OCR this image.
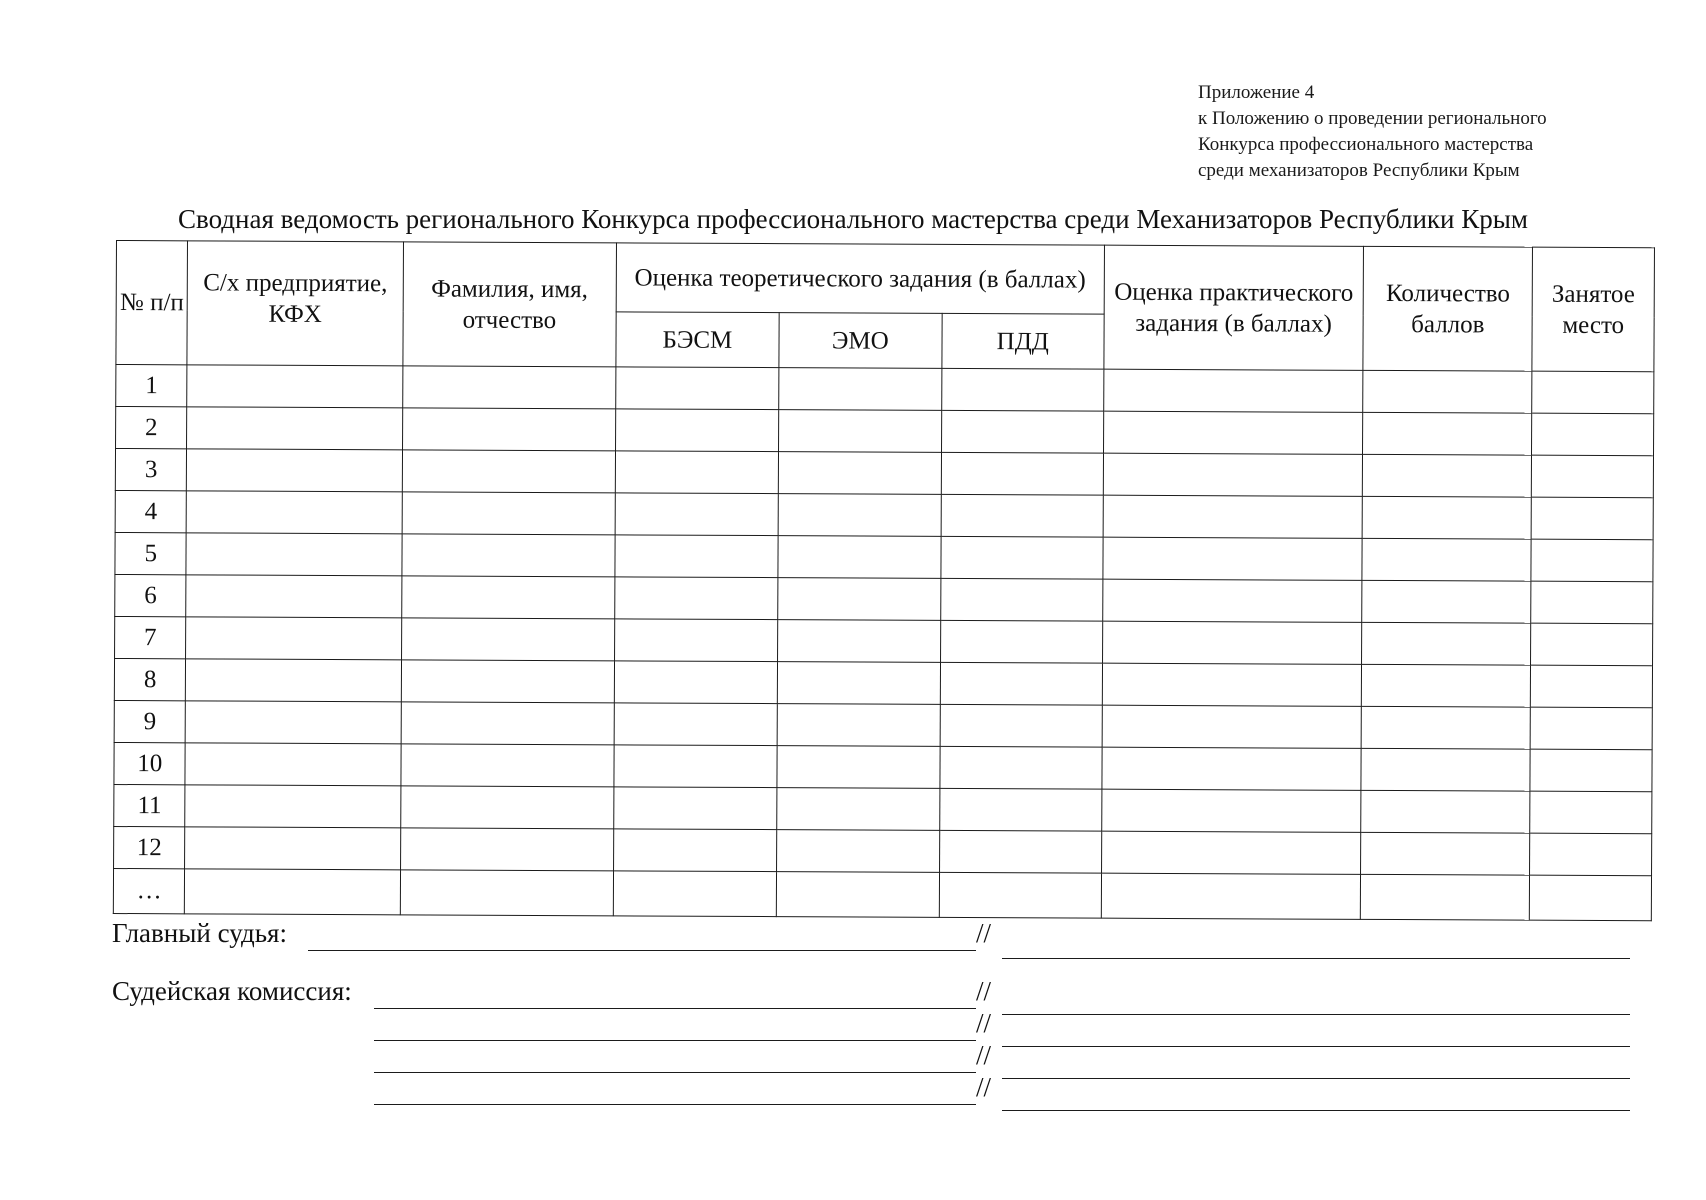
Приложение 4
к Положению о проведении регионального
Конкурса профессионального мастерства
среди механизаторов Республики Крым
Сводная ведомость регионального Конкурса профессионального мастерства среди Механизаторов Республики Крым
№ п/п	С/х предприятие, КФХ	Фамилия, имя, отчество	Оценка теоретического задания (в баллах)			Оценка практического задания (в баллах)	Количество баллов	Занятое место
			БЭСМ	ЭМО	ПДД			
1								
2								
3								
4								
5								
6								
7								
8								
9								
10								
11								
12								
…								
Главный судья:	//
Судейская комиссия:	//
//
//
//
